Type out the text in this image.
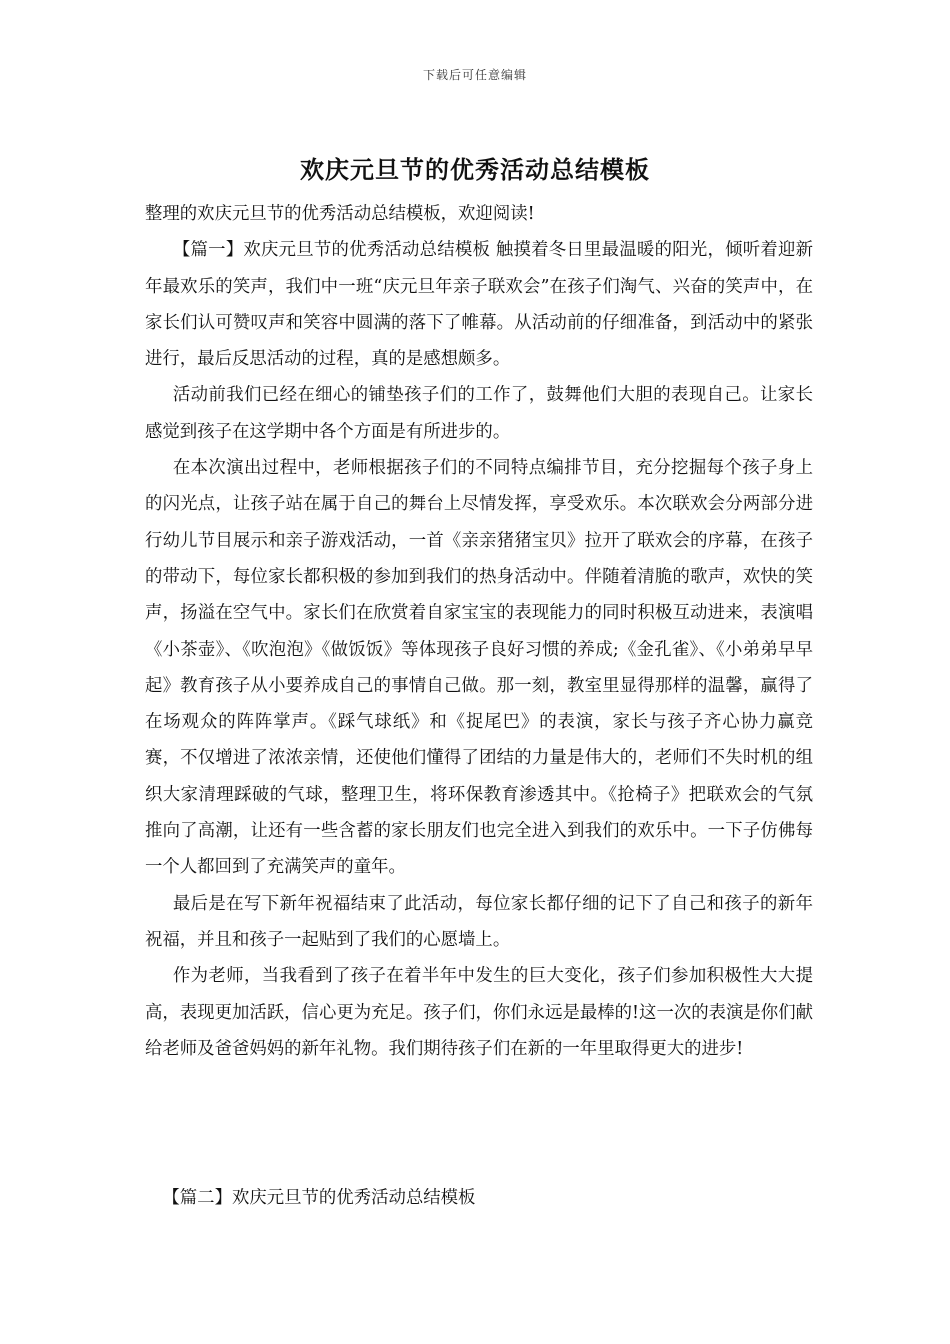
下载后可任意编辑
欢庆元旦节的优秀活动总结模板

整理的欢庆元旦节的优秀活动总结模板，欢迎阅读!

【篇一】欢庆元旦节的优秀活动总结模板 触摸着冬日里最温暖的阳光，倾听着迎新年最欢乐的笑声，我们中一班“庆元旦年亲子联欢会”在孩子们淘气、兴奋的笑声中，在家长们认可赞叹声和笑容中圆满的落下了帷幕。从活动前的仔细准备，到活动中的紧张进行，最后反思活动的过程，真的是感想颇多。

活动前我们已经在细心的铺垫孩子们的工作了，鼓舞他们大胆的表现自己。让家长感觉到孩子在这学期中各个方面是有所进步的。

在本次演出过程中，老师根据孩子们的不同特点编排节目，充分挖掘每个孩子身上的闪光点，让孩子站在属于自己的舞台上尽情发挥，享受欢乐。本次联欢会分两部分进行幼儿节目展示和亲子游戏活动，一首《亲亲猪猪宝贝》拉开了联欢会的序幕，在孩子的带动下，每位家长都积极的参加到我们的热身活动中。伴随着清脆的歌声，欢快的笑声，扬溢在空气中。家长们在欣赏着自家宝宝的表现能力的同时积极互动进来，表演唱《小茶壶》、《吹泡泡》《做饭饭》等体现孩子良好习惯的养成;《金孔雀》、《小弟弟早早起》教育孩子从小要养成自己的事情自己做。那一刻，教室里显得那样的温馨，赢得了在场观众的阵阵掌声。《踩气球纸》和《捉尾巴》的表演，家长与孩子齐心协力赢竞赛，不仅增进了浓浓亲情，还使他们懂得了团结的力量是伟大的，老师们不失时机的组织大家清理踩破的气球，整理卫生，将环保教育渗透其中。《抢椅子》把联欢会的气氛推向了高潮，让还有一些含蓄的家长朋友们也完全进入到我们的欢乐中。一下子仿佛每一个人都回到了充满笑声的童年。

最后是在写下新年祝福结束了此活动，每位家长都仔细的记下了自己和孩子的新年祝福，并且和孩子一起贴到了我们的心愿墙上。

作为老师，当我看到了孩子在着半年中发生的巨大变化，孩子们参加积极性大大提高，表现更加活跃，信心更为充足。孩子们，你们永远是最棒的!这一次的表演是你们献给老师及爸爸妈妈的新年礼物。我们期待孩子们在新的一年里取得更大的进步!

【篇二】欢庆元旦节的优秀活动总结模板
